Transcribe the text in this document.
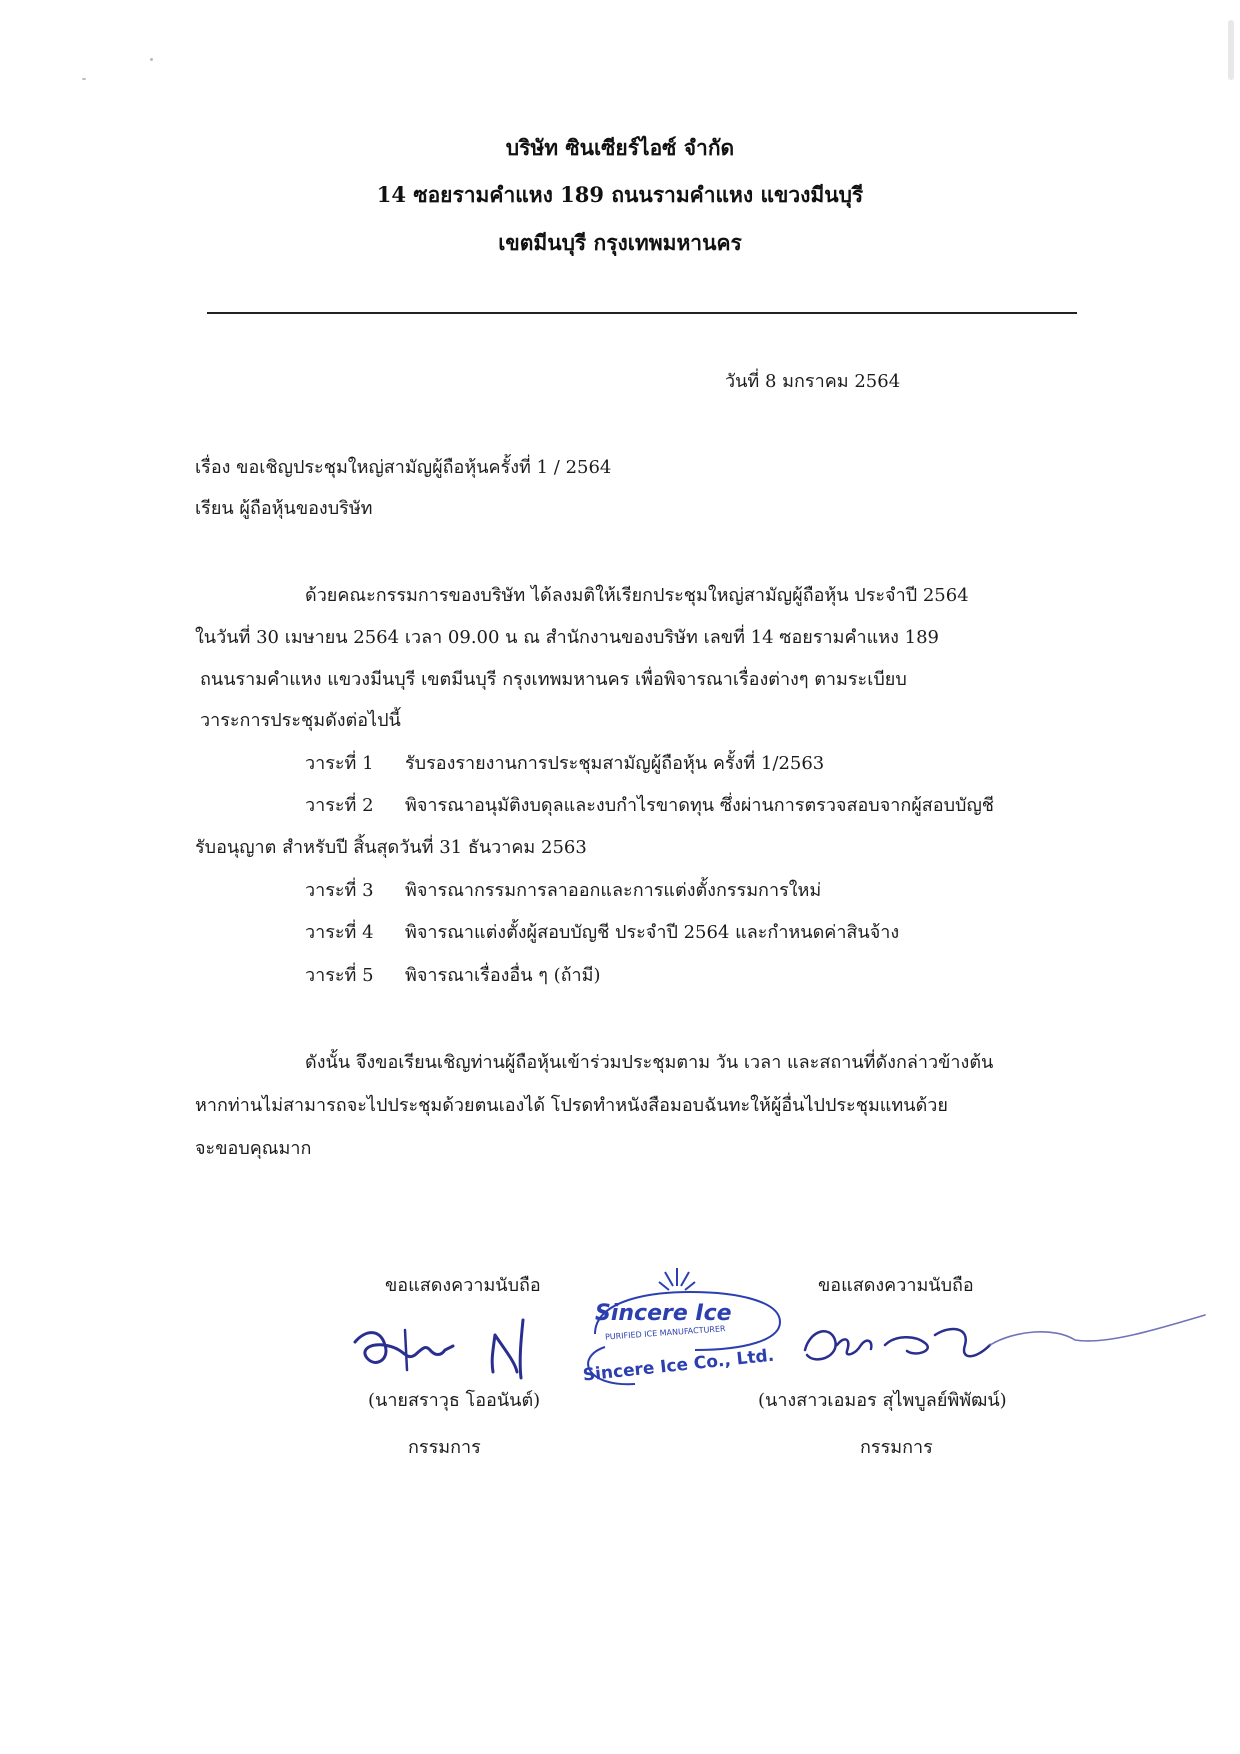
บริษัท ซินเซียร์ไอซ์ จำกัด
14 ซอยรามคำแหง 189 ถนนรามคำแหง แขวงมีนบุรี
เขตมีนบุรี กรุงเทพมหานคร
วันที่ 8 มกราคม 2564
เรื่อง ขอเชิญประชุมใหญ่สามัญผู้ถือหุ้นครั้งที่ 1 / 2564
เรียน ผู้ถือหุ้นของบริษัท
ด้วยคณะกรรมการของบริษัท ได้ลงมติให้เรียกประชุมใหญ่สามัญผู้ถือหุ้น ประจำปี 2564
ในวันที่ 30 เมษายน 2564 เวลา 09.00 น ณ สำนักงานของบริษัท เลขที่ 14 ซอยรามคำแหง 189
ถนนรามคำแหง แขวงมีนบุรี เขตมีนบุรี กรุงเทพมหานคร เพื่อพิจารณาเรื่องต่างๆ ตามระเบียบ
วาระการประชุมดังต่อไปนี้
วาระที่ 1 รับรองรายงานการประชุมสามัญผู้ถือหุ้น ครั้งที่ 1/2563
วาระที่ 2 พิจารณาอนุมัติงบดุลและงบกำไรขาดทุน ซึ่งผ่านการตรวจสอบจากผู้สอบบัญชี
รับอนุญาต สำหรับปี สิ้นสุดวันที่ 31 ธันวาคม 2563
วาระที่ 3 พิจารณากรรมการลาออกและการแต่งตั้งกรรมการใหม่
วาระที่ 4 พิจารณาแต่งตั้งผู้สอบบัญชี ประจำปี 2564 และกำหนดค่าสินจ้าง
วาระที่ 5 พิจารณาเรื่องอื่น ๆ (ถ้ามี)
ดังนั้น จึงขอเรียนเชิญท่านผู้ถือหุ้นเข้าร่วมประชุมตาม วัน เวลา และสถานที่ดังกล่าวข้างต้น
หากท่านไม่สามารถจะไปประชุมด้วยตนเองได้ โปรดทำหนังสือมอบฉันทะให้ผู้อื่นไปประชุมแทนด้วย
จะขอบคุณมาก
ขอแสดงความนับถือ
(นายสราวุธ โออนันต์)
กรรมการ
Sincere Ice
PURIFIED ICE MANUFACTURER
Sincere Ice Co., Ltd.
ขอแสดงความนับถือ
(นางสาวเอมอร สุไพบูลย์พิพัฒน์)
กรรมการ
